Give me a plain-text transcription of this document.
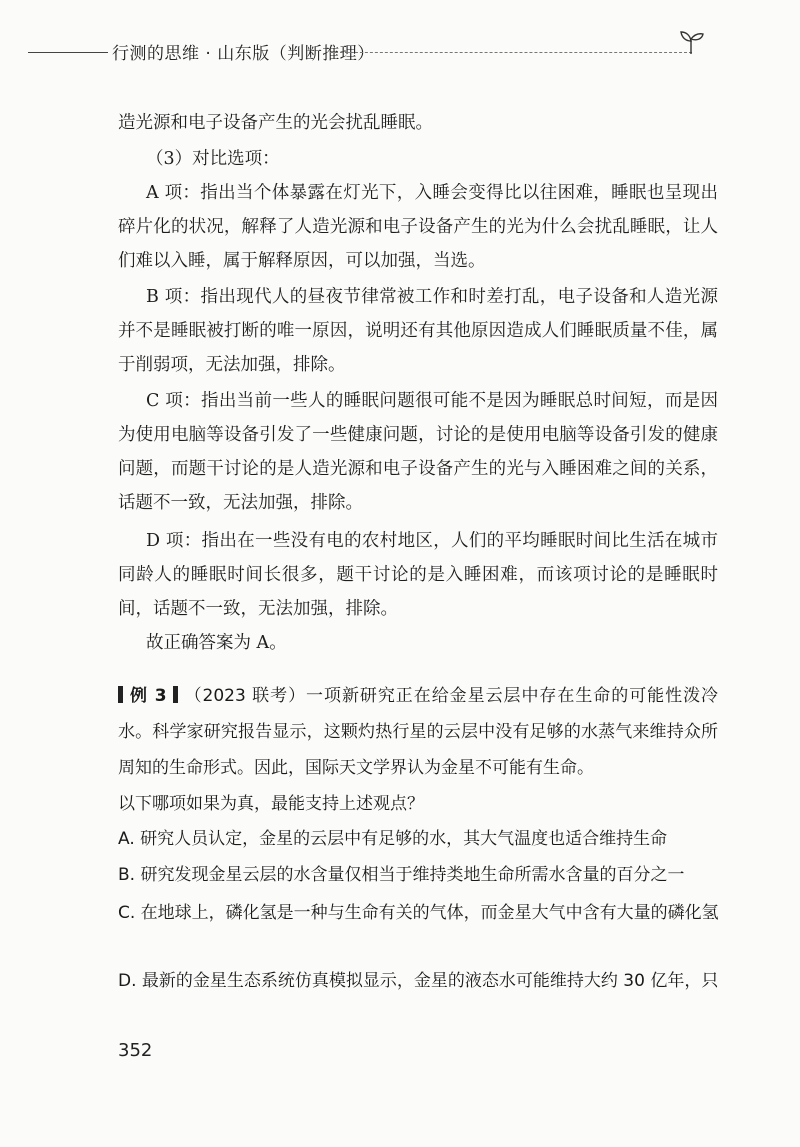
行测的思维 · 山东版（判断推理）

造光源和电子设备产生的光会扰乱睡眠。

（3）对比选项：

A 项：指出当个体暴露在灯光下，入睡会变得比以往困难，睡眠也呈现出碎片化的状况，解释了人造光源和电子设备产生的光为什么会扰乱睡眠，让人们难以入睡，属于解释原因，可以加强，当选。

B 项：指出现代人的昼夜节律常被工作和时差打乱，电子设备和人造光源并不是睡眠被打断的唯一原因，说明还有其他原因造成人们睡眠质量不佳，属于削弱项，无法加强，排除。

C 项：指出当前一些人的睡眠问题很可能不是因为睡眠总时间短，而是因为使用电脑等设备引发了一些健康问题，讨论的是使用电脑等设备引发的健康问题，而题干讨论的是人造光源和电子设备产生的光与入睡困难之间的关系，话题不一致，无法加强，排除。

D 项：指出在一些没有电的农村地区，人们的平均睡眠时间比生活在城市同龄人的睡眠时间长很多，题干讨论的是入睡困难，而该项讨论的是睡眠时间，话题不一致，无法加强，排除。

故正确答案为 A。

例 3 （2023 联考）一项新研究正在给金星云层中存在生命的可能性泼冷水。科学家研究报告显示，这颗灼热行星的云层中没有足够的水蒸气来维持众所周知的生命形式。因此，国际天文学界认为金星不可能有生命。

以下哪项如果为真，最能支持上述观点？

A. 研究人员认定，金星的云层中有足够的水，其大气温度也适合维持生命

B. 研究发现金星云层的水含量仅相当于维持类地生命所需水含量的百分之一

C. 在地球上，磷化氢是一种与生命有关的气体，而金星大气中含有大量的磷化氢

D. 最新的金星生态系统仿真模拟显示，金星的液态水可能维持大约 30 亿年，只

352
